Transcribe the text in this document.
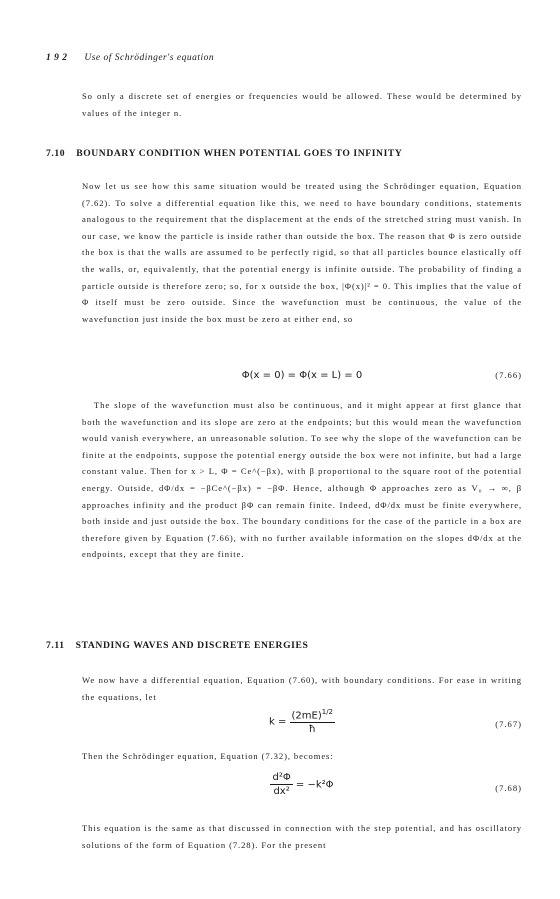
1 9 2 Use of Schrödinger's equation
So only a discrete set of energies or frequencies would be allowed. These would be determined by values of the integer n.
7.10 BOUNDARY CONDITION WHEN POTENTIAL GOES TO INFINITY
Now let us see how this same situation would be treated using the Schrödinger equation, Equation (7.62). To solve a differential equation like this, we need to have boundary conditions, statements analogous to the requirement that the displacement at the ends of the stretched string must vanish. In our case, we know the particle is inside rather than outside the box. The reason that Φ is zero outside the box is that the walls are assumed to be perfectly rigid, so that all particles bounce elastically off the walls, or, equivalently, that the potential energy is infinite outside. The probability of finding a particle outside is therefore zero; so, for x outside the box, |Φ(x)|² = 0. This implies that the value of Φ itself must be zero outside. Since the wavefunction must be continuous, the value of the wavefunction just inside the box must be zero at either end, so
Φ(x = 0) = Φ(x = L) = 0	(7.66)
The slope of the wavefunction must also be continuous, and it might appear at first glance that both the wavefunction and its slope are zero at the endpoints; but this would mean the wavefunction would vanish everywhere, an unreasonable solution. To see why the slope of the wavefunction can be finite at the endpoints, suppose the potential energy outside the box were not infinite, but had a large constant value. Then for x > L, Φ = Ce^(−βx), with β proportional to the square root of the potential energy. Outside, dΦ/dx = −βCe^(−βx) = −βΦ. Hence, although Φ approaches zero as V₀ → ∞, β approaches infinity and the product βΦ can remain finite. Indeed, dΦ/dx must be finite everywhere, both inside and just outside the box. The boundary conditions for the case of the particle in a box are therefore given by Equation (7.66), with no further available information on the slopes dΦ/dx at the endpoints, except that they are finite.
7.11 STANDING WAVES AND DISCRETE ENERGIES
We now have a differential equation, Equation (7.60), with boundary conditions. For ease in writing the equations, let
$k = \frac{(2mE)^{1/2}}{ħ}$	(7.67)
Then the Schrödinger equation, Equation (7.32), becomes:
$\frac{\text{d²Φ}}{\text{dx²}} = -k^2\Phi$	(7.68)
This equation is the same as that discussed in connection with the step potential, and has oscillatory solutions of the form of Equation (7.28). For the present
